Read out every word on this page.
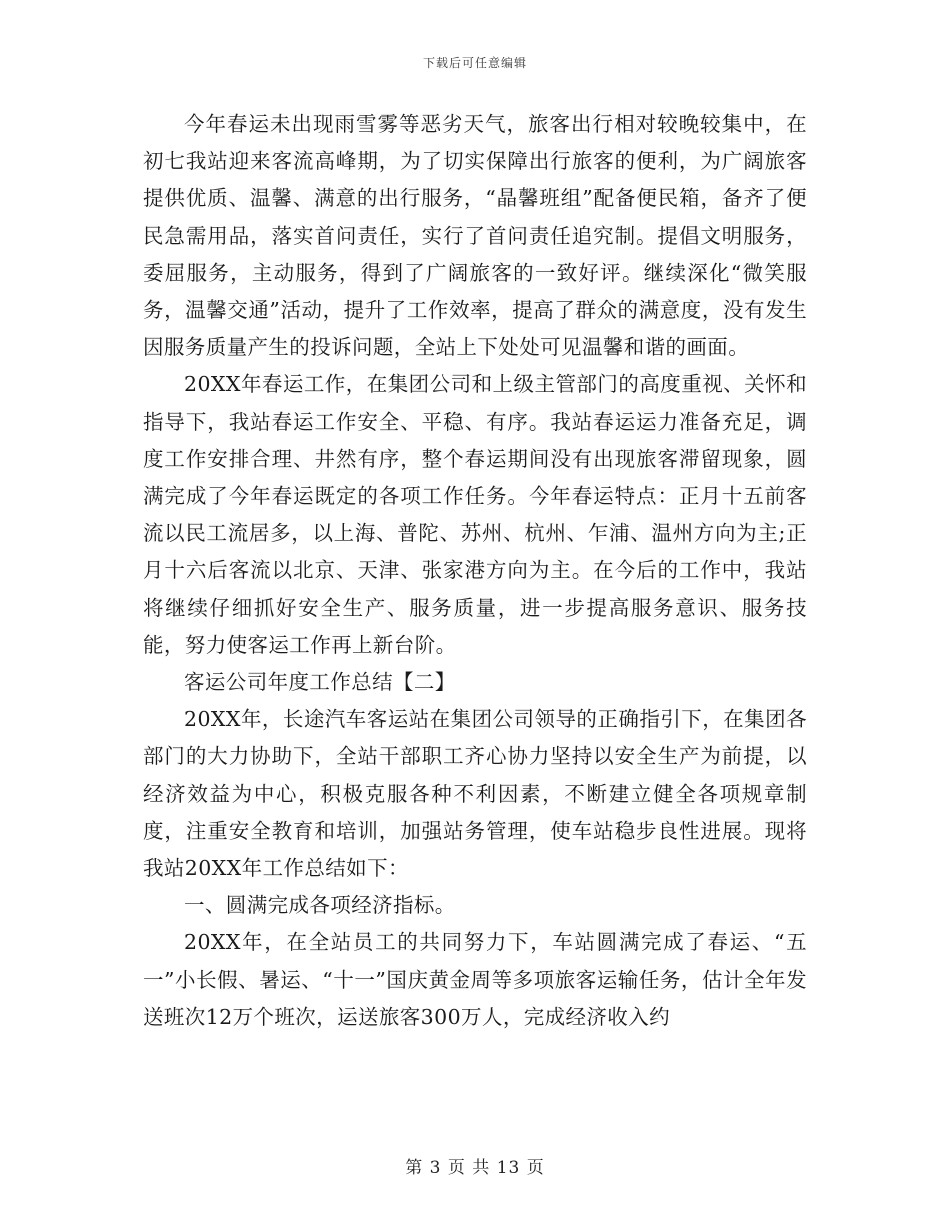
下载后可任意编辑

今年春运未出现雨雪雾等恶劣天气，旅客出行相对较晚较集中，在初七我站迎来客流高峰期，为了切实保障出行旅客的便利，为广阔旅客提供优质、温馨、满意的出行服务，“晶馨班组”配备便民箱，备齐了便民急需用品，落实首问责任，实行了首问责任追究制。提倡文明服务，委屈服务，主动服务，得到了广阔旅客的一致好评。继续深化“微笑服务，温馨交通”活动，提升了工作效率，提高了群众的满意度，没有发生因服务质量产生的投诉问题，全站上下处处可见温馨和谐的画面。

20XX年春运工作，在集团公司和上级主管部门的高度重视、关怀和指导下，我站春运工作安全、平稳、有序。我站春运运力准备充足，调度工作安排合理、井然有序，整个春运期间没有出现旅客滞留现象，圆满完成了今年春运既定的各项工作任务。今年春运特点：正月十五前客流以民工流居多，以上海、普陀、苏州、杭州、乍浦、温州方向为主;正月十六后客流以北京、天津、张家港方向为主。在今后的工作中，我站将继续仔细抓好安全生产、服务质量，进一步提高服务意识、服务技能，努力使客运工作再上新台阶。

客运公司年度工作总结【二】

20XX年，长途汽车客运站在集团公司领导的正确指引下，在集团各部门的大力协助下，全站干部职工齐心协力坚持以安全生产为前提，以经济效益为中心，积极克服各种不利因素，不断建立健全各项规章制度，注重安全教育和培训，加强站务管理，使车站稳步良性进展。现将我站20XX年工作总结如下：

一、圆满完成各项经济指标。

20XX年，在全站员工的共同努力下，车站圆满完成了春运、“五一”小长假、暑运、“十一”国庆黄金周等多项旅客运输任务，估计全年发送班次12万个班次，运送旅客300万人，完成经济收入约

第 3 页 共 13 页
